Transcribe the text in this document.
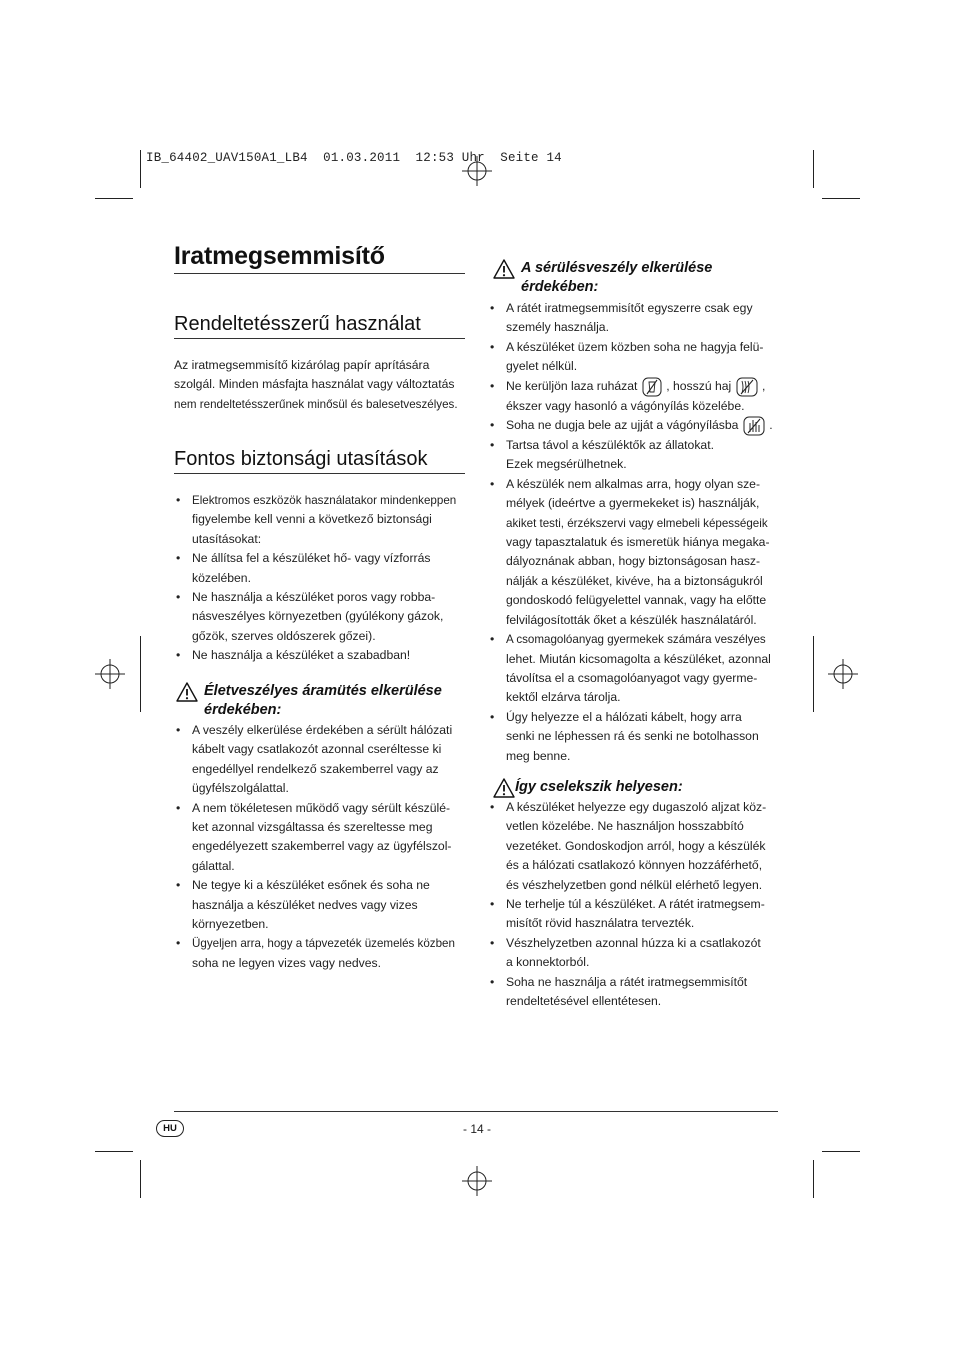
IB_64402_UAV150A1_LB4  01.03.2011  12:53 Uhr  Seite 14
Iratmegsemmisítő
Rendeltetésszerű használat
Az iratmegsemmisítő kizárólag papír aprítására
szolgál. Minden másfajta használat vagy változtatás
nem rendeltetésszerűnek minősül és balesetveszélyes.
Fontos biztonsági utasítások
• Elektromos eszközök használatakor mindenkeppen
figyelembe kell venni a következő biztonsági
utasításokat:
• Ne állítsa fel a készüléket hő- vagy vízforrás
közelében.
• Ne használja a készüléket poros vagy robba-
násveszélyes környezetben (gyúlékony gázok,
gőzök, szerves oldószerek gőzei).
• Ne használja a készüléket a szabadban!
Életveszélyes áramütés elkerülése
érdekében:
• A veszély elkerülése érdekében a sérült hálózati
kábelt vagy csatlakozót azonnal cseréltesse ki
engedéllyel rendelkező szakemberrel vagy az
ügyfélszolgálattal.
• A nem tökéletesen működő vagy sérült készülé-
ket azonnal vizsgáltassa és szereltesse meg
engedélyezett szakemberrel vagy az ügyfélszol-
gálattal.
• Ne tegye ki a készüléket esőnek és soha ne
használja a készüléket nedves vagy vizes
környezetben.
• Ügyeljen arra, hogy a tápvezeték üzemelés közben
soha ne legyen vizes vagy nedves.
A sérülésveszély elkerülése
érdekében:
• A rátét iratmegsemmisítőt egyszerre csak egy
személy használja.
• A készüléket üzem közben soha ne hagyja felü-
gyelet nélkül.
• Ne kerüljön laza ruházat , hosszú haj	,
ékszer vagy hasonló a vágónyílás közelébe.
• Soha ne dugja bele az ujját a vágónyílásba	.
• Tartsa távol a készüléktők az állatokat.
Ezek megsérülhetnek.
• A készülék nem alkalmas arra, hogy olyan sze-
mélyek (ideértve a gyermekeket is) használják,
akiket testi, érzékszervi vagy elmebeli képességeik
vagy tapasztalatuk és ismeretük hiánya megaka-
dályoznának abban, hogy biztonságosan hasz-
nálják a készüléket, kivéve, ha a biztonságukról
gondoskodó felügyelettel vannak, vagy ha előtte
felvilágosították őket a készülék használatáról.
• A csomagolóanyag gyermekek számára veszélyes
lehet. Miután kicsomagolta a készüléket, azonnal
távolítsa el a csomagolóanyagot vagy gyerme-
kektől elzárva tárolja.
• Úgy helyezze el a hálózati kábelt, hogy arra
senki ne léphessen rá és senki ne botolhasson
meg benne.
Így cselekszik helyesen:
• A készüléket helyezze egy dugaszoló aljzat köz-
vetlen közelébe. Ne használjon hosszabbító
vezetéket. Gondoskodjon arról, hogy a készülék
és a hálózati csatlakozó könnyen hozzáférhető,
és vészhelyzetben gond nélkül elérhető legyen.
• Ne terhelje túl a készüléket. A rátét iratmegsem-
misítőt rövid használatra tervezték.
• Vészhelyzetben azonnal húzza ki a csatlakozót
a konnektorból.
• Soha ne használja a rátét iratmegsemmisítőt
rendeltetésével ellentétesen.
HU	- 14 -
